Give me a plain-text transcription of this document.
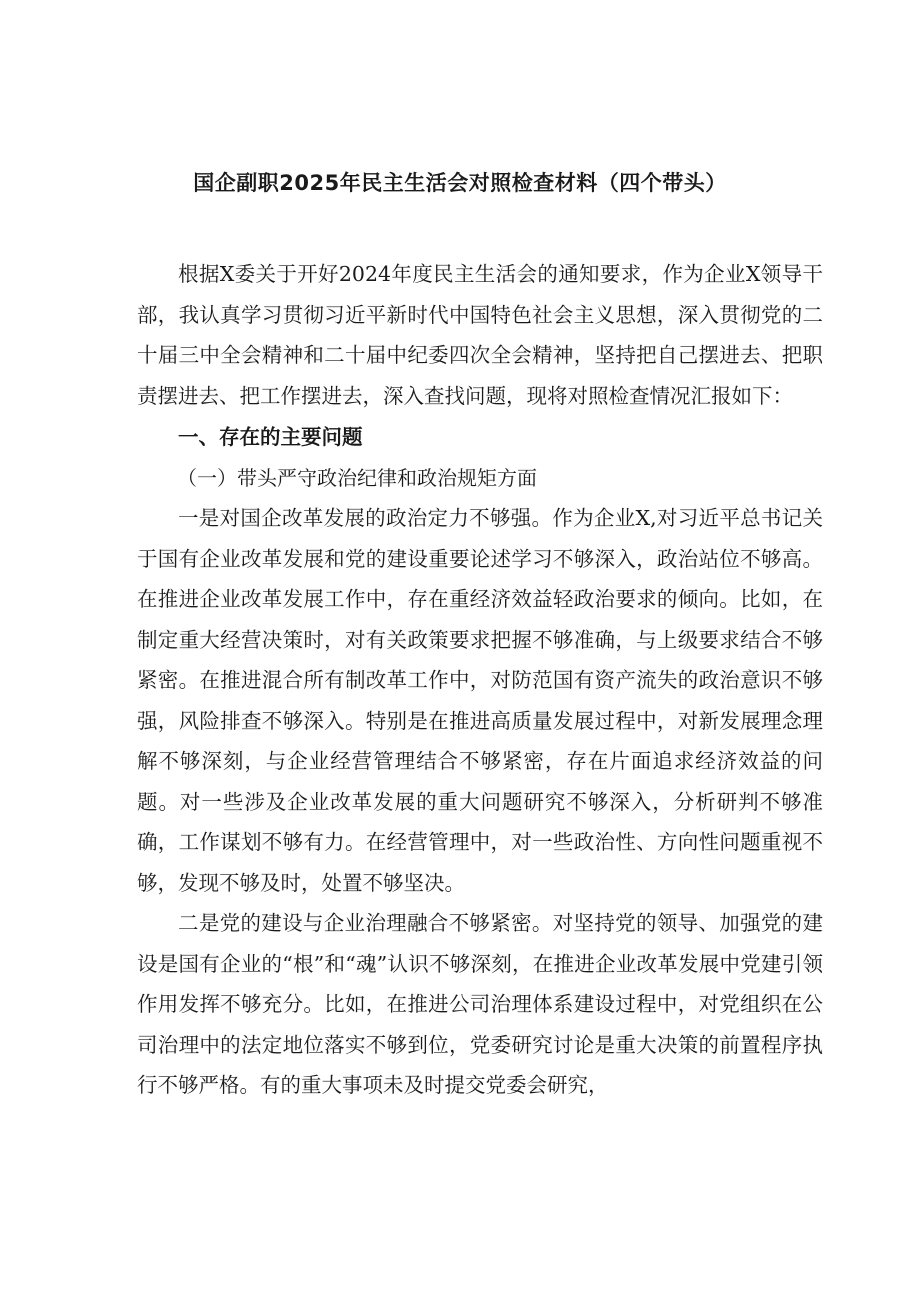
国企副职2025年民主生活会对照检查材料（四个带头）

根据X委关于开好2024年度民主生活会的通知要求，作为企业X领导干部，我认真学习贯彻习近平新时代中国特色社会主义思想，深入贯彻党的二十届三中全会精神和二十届中纪委四次全会精神，坚持把自己摆进去、把职责摆进去、把工作摆进去，深入查找问题，现将对照检查情况汇报如下：

一、存在的主要问题

（一）带头严守政治纪律和政治规矩方面

一是对国企改革发展的政治定力不够强。作为企业X,对习近平总书记关于国有企业改革发展和党的建设重要论述学习不够深入，政治站位不够高。在推进企业改革发展工作中，存在重经济效益轻政治要求的倾向。比如，在制定重大经营决策时，对有关政策要求把握不够准确，与上级要求结合不够紧密。在推进混合所有制改革工作中，对防范国有资产流失的政治意识不够强，风险排查不够深入。特别是在推进高质量发展过程中，对新发展理念理解不够深刻，与企业经营管理结合不够紧密，存在片面追求经济效益的问题。对一些涉及企业改革发展的重大问题研究不够深入，分析研判不够准确，工作谋划不够有力。在经营管理中，对一些政治性、方向性问题重视不够，发现不够及时，处置不够坚决。

二是党的建设与企业治理融合不够紧密。对坚持党的领导、加强党的建设是国有企业的“根”和“魂”认识不够深刻，在推进企业改革发展中党建引领作用发挥不够充分。比如，在推进公司治理体系建设过程中，对党组织在公司治理中的法定地位落实不够到位，党委研究讨论是重大决策的前置程序执行不够严格。有的重大事项未及时提交党委会研究，
